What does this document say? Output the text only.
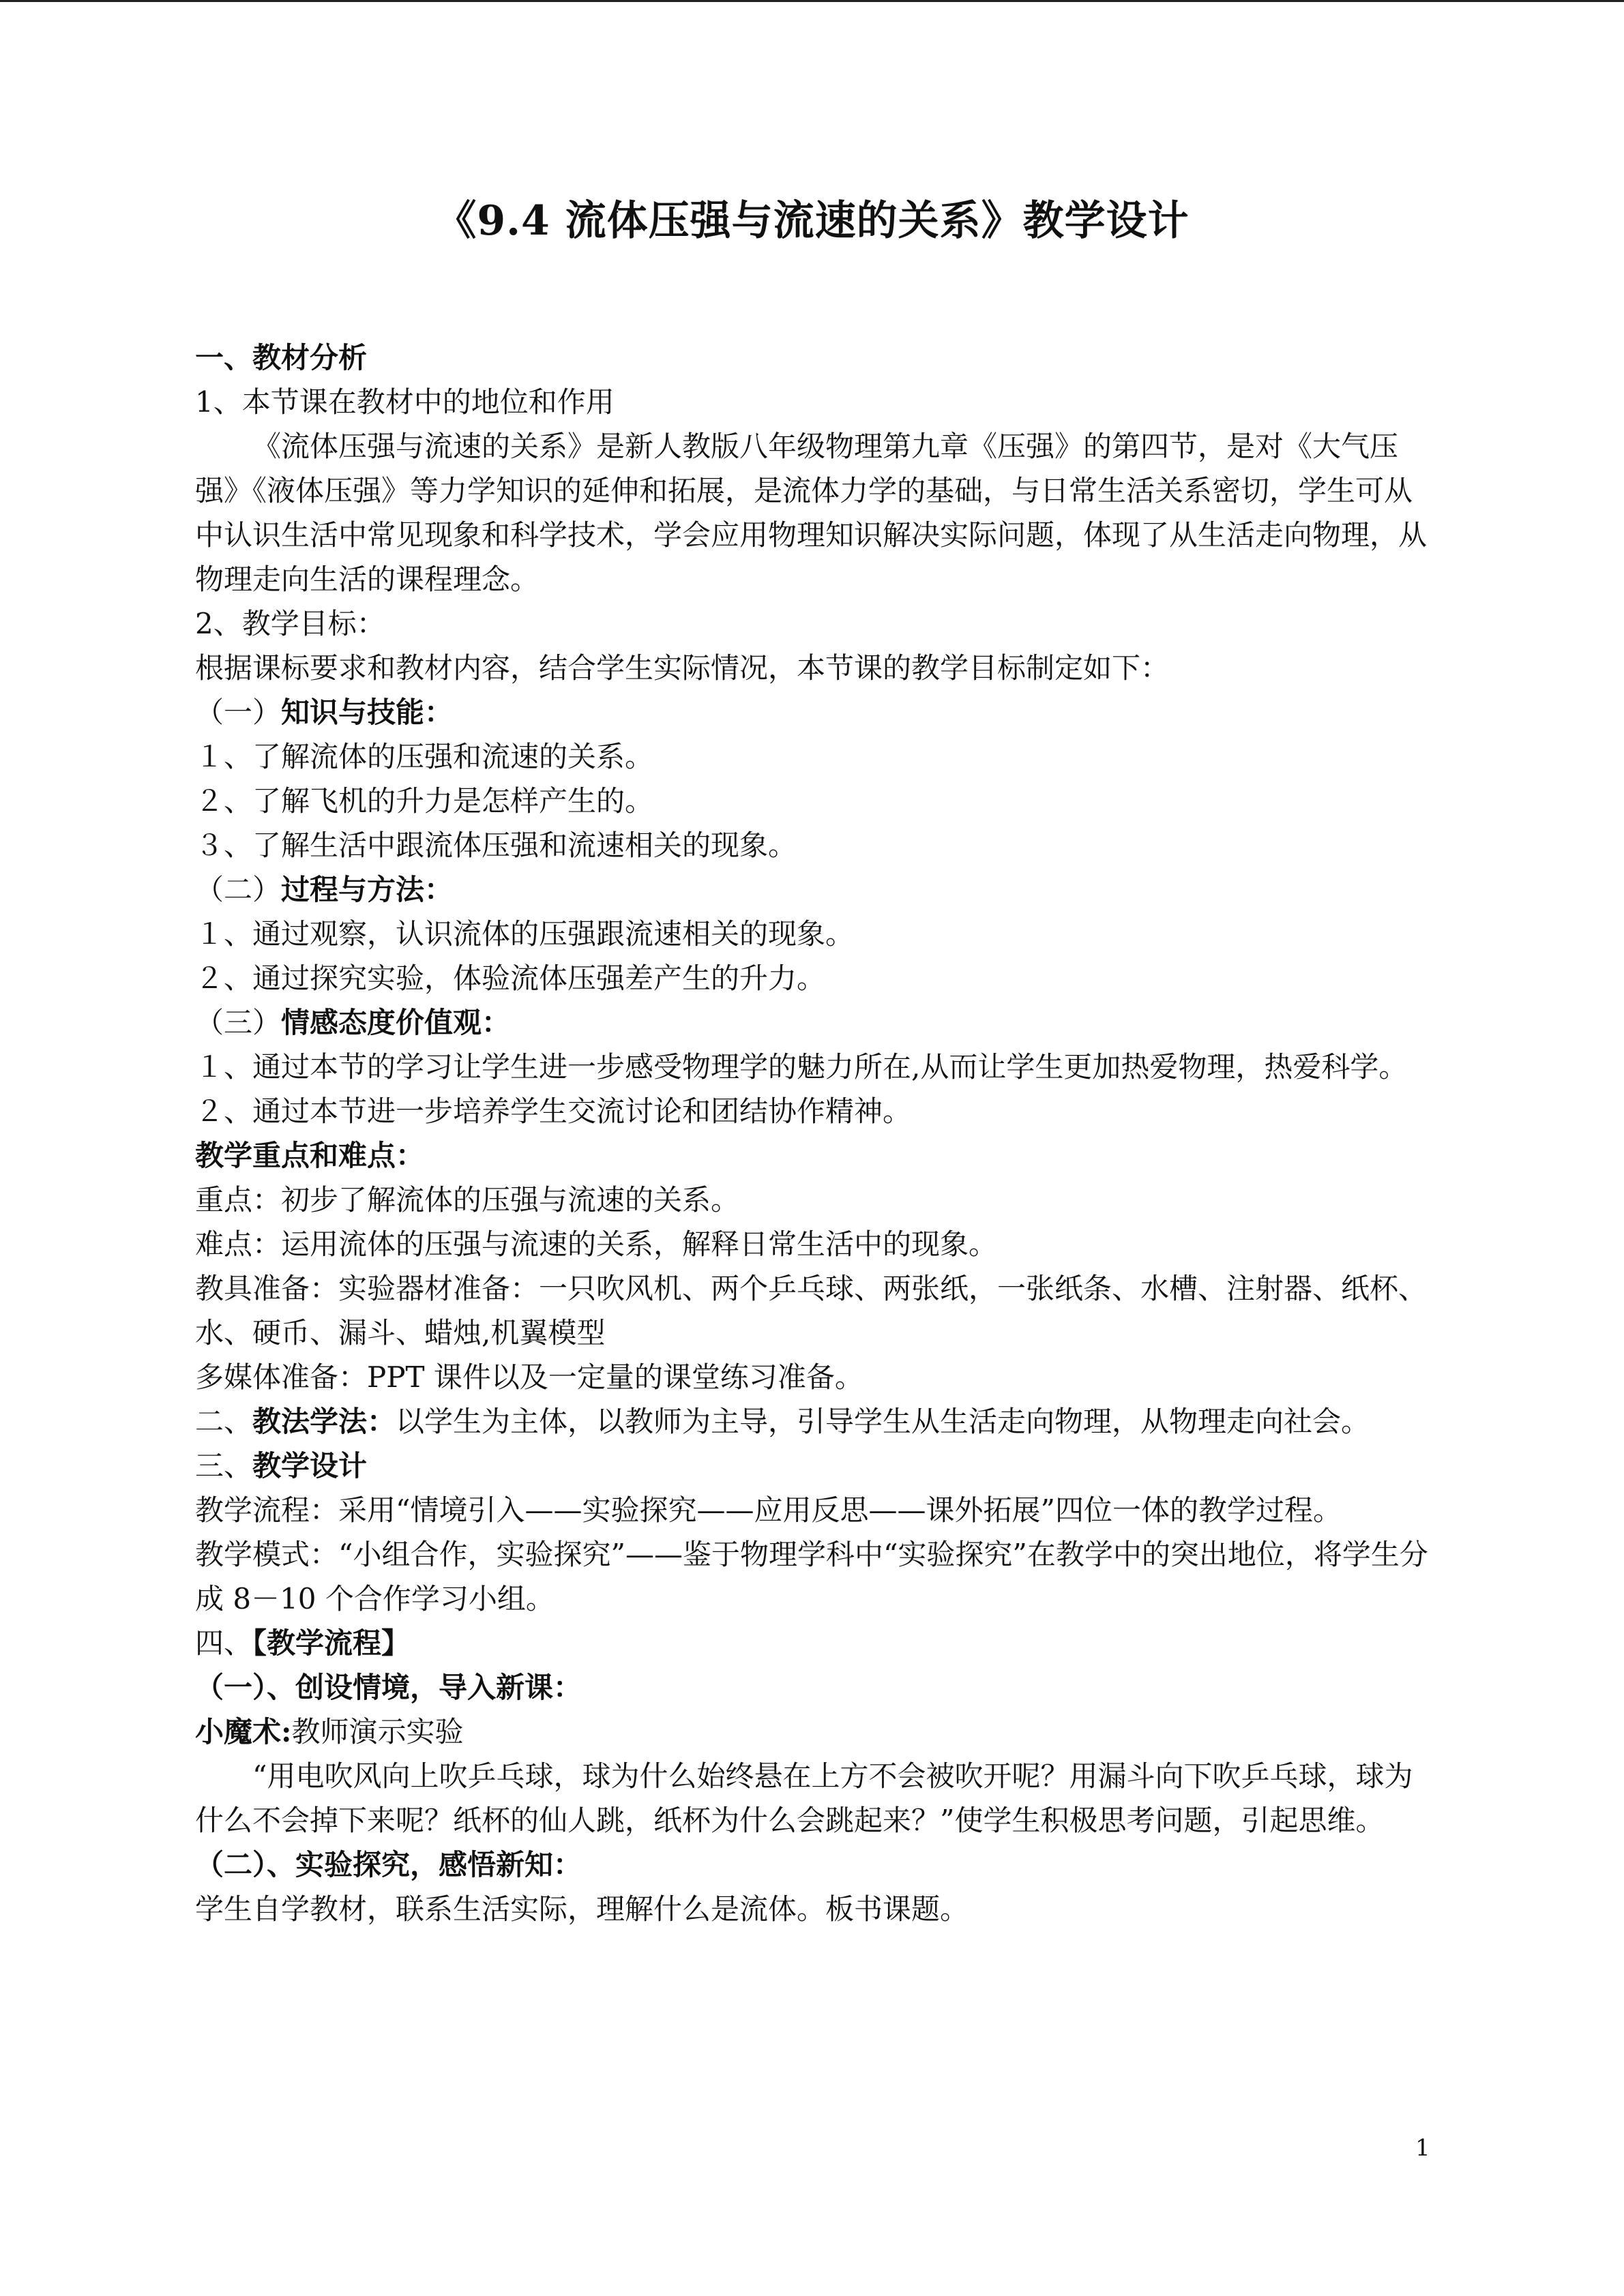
《9.4 流体压强与流速的关系》教学设计

一、教材分析

1、本节课在教材中的地位和作用

《流体压强与流速的关系》是新人教版八年级物理第九章《压强》的第四节，是对《大气压强》《液体压强》等力学知识的延伸和拓展，是流体力学的基础，与日常生活关系密切，学生可从中认识生活中常见现象和科学技术，学会应用物理知识解决实际问题，体现了从生活走向物理，从物理走向生活的课程理念。

2、教学目标：

根据课标要求和教材内容，结合学生实际情况，本节课的教学目标制定如下：

（一）知识与技能：

１、了解流体的压强和流速的关系。

２、了解飞机的升力是怎样产生的。

３、了解生活中跟流体压强和流速相关的现象。

（二）过程与方法：

１、通过观察，认识流体的压强跟流速相关的现象。

２、通过探究实验，体验流体压强差产生的升力。

（三）情感态度价值观：

１、通过本节的学习让学生进一步感受物理学的魅力所在,从而让学生更加热爱物理，热爱科学。

２、通过本节进一步培养学生交流讨论和团结协作精神。

教学重点和难点：

重点：初步了解流体的压强与流速的关系。

难点：运用流体的压强与流速的关系，解释日常生活中的现象。

教具准备：实验器材准备：一只吹风机、两个乒乓球、两张纸，一张纸条、水槽、注射器、纸杯、水、硬币、漏斗、蜡烛,机翼模型

多媒体准备：PPT 课件以及一定量的课堂练习准备。

二、教法学法：以学生为主体，以教师为主导，引导学生从生活走向物理，从物理走向社会。

三、教学设计

教学流程：采用“情境引入——实验探究——应用反思——课外拓展”四位一体的教学过程。

教学模式：“小组合作，实验探究”——鉴于物理学科中“实验探究”在教学中的突出地位，将学生分成 8－10 个合作学习小组。

四、【教学流程】

（一）、创设情境，导入新课：

小魔术:教师演示实验

“用电吹风向上吹乒乓球，球为什么始终悬在上方不会被吹开呢？用漏斗向下吹乒乓球，球为什么不会掉下来呢？纸杯的仙人跳，纸杯为什么会跳起来？”使学生积极思考问题，引起思维。

（二）、实验探究，感悟新知：

学生自学教材，联系生活实际，理解什么是流体。板书课题。

1
